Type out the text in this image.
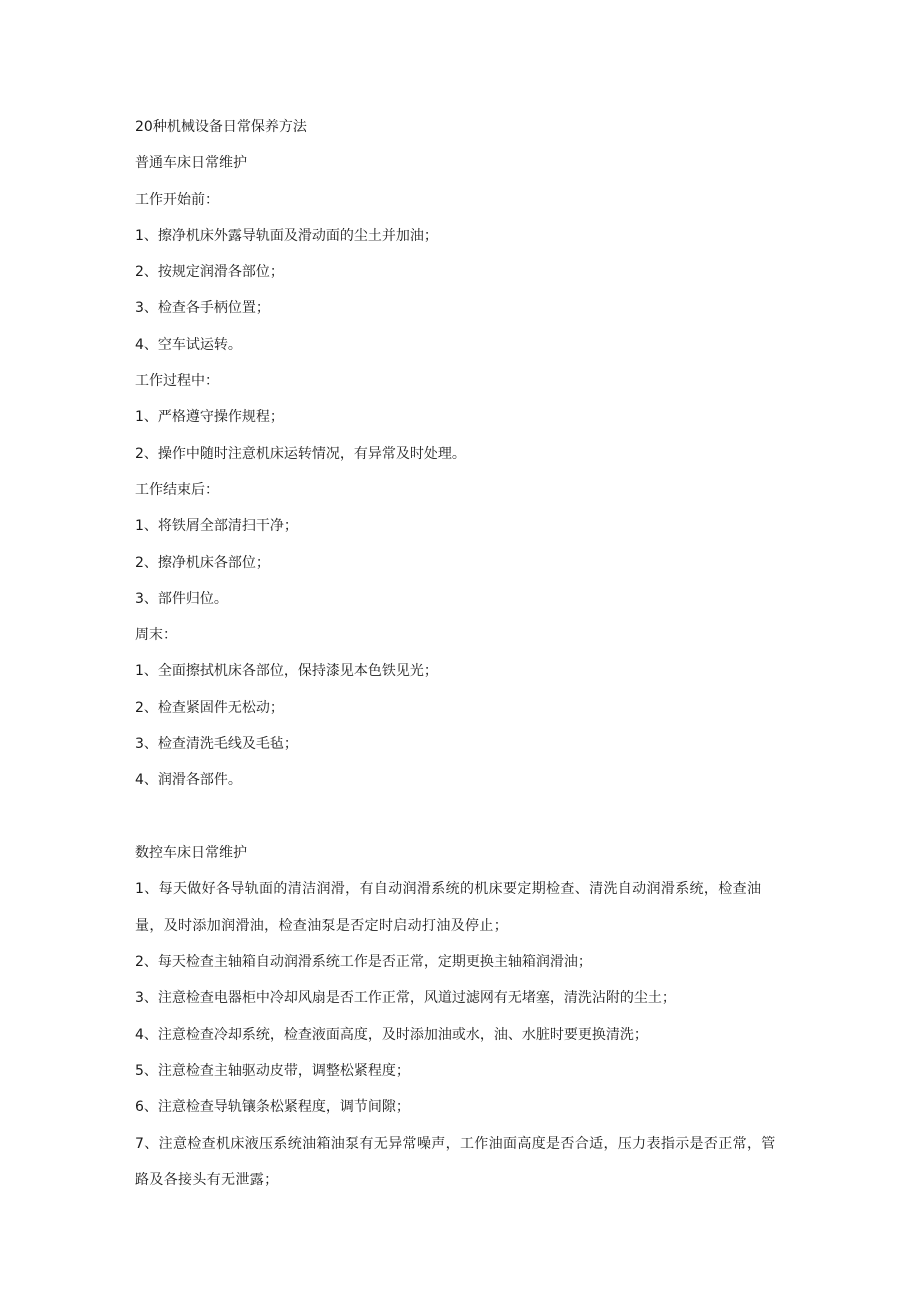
20种机械设备日常保养方法
普通车床日常维护
工作开始前：
1、擦净机床外露导轨面及滑动面的尘土并加油；
2、按规定润滑各部位；
3、检查各手柄位置；
4、空车试运转。
工作过程中：
1、严格遵守操作规程；
2、操作中随时注意机床运转情况，有异常及时处理。
工作结束后：
1、将铁屑全部清扫干净；
2、擦净机床各部位；
3、部件归位。
周末：
1、全面擦拭机床各部位，保持漆见本色铁见光；
2、检查紧固件无松动；
3、检查清洗毛线及毛毡；
4、润滑各部件。
数控车床日常维护
1、每天做好各导轨面的清洁润滑，有自动润滑系统的机床要定期检查、清洗自动润滑系统，检查油量，及时添加润滑油，检查油泵是否定时启动打油及停止；
2、每天检查主轴箱自动润滑系统工作是否正常，定期更换主轴箱润滑油；
3、注意检查电器柜中冷却风扇是否工作正常，风道过滤网有无堵塞，清洗沾附的尘土；
4、注意检查冷却系统，检查液面高度，及时添加油或水，油、水脏时要更换清洗；
5、注意检查主轴驱动皮带，调整松紧程度；
6、注意检查导轨镶条松紧程度，调节间隙；
7、注意检查机床液压系统油箱油泵有无异常噪声，工作油面高度是否合适，压力表指示是否正常，管路及各接头有无泄露；
